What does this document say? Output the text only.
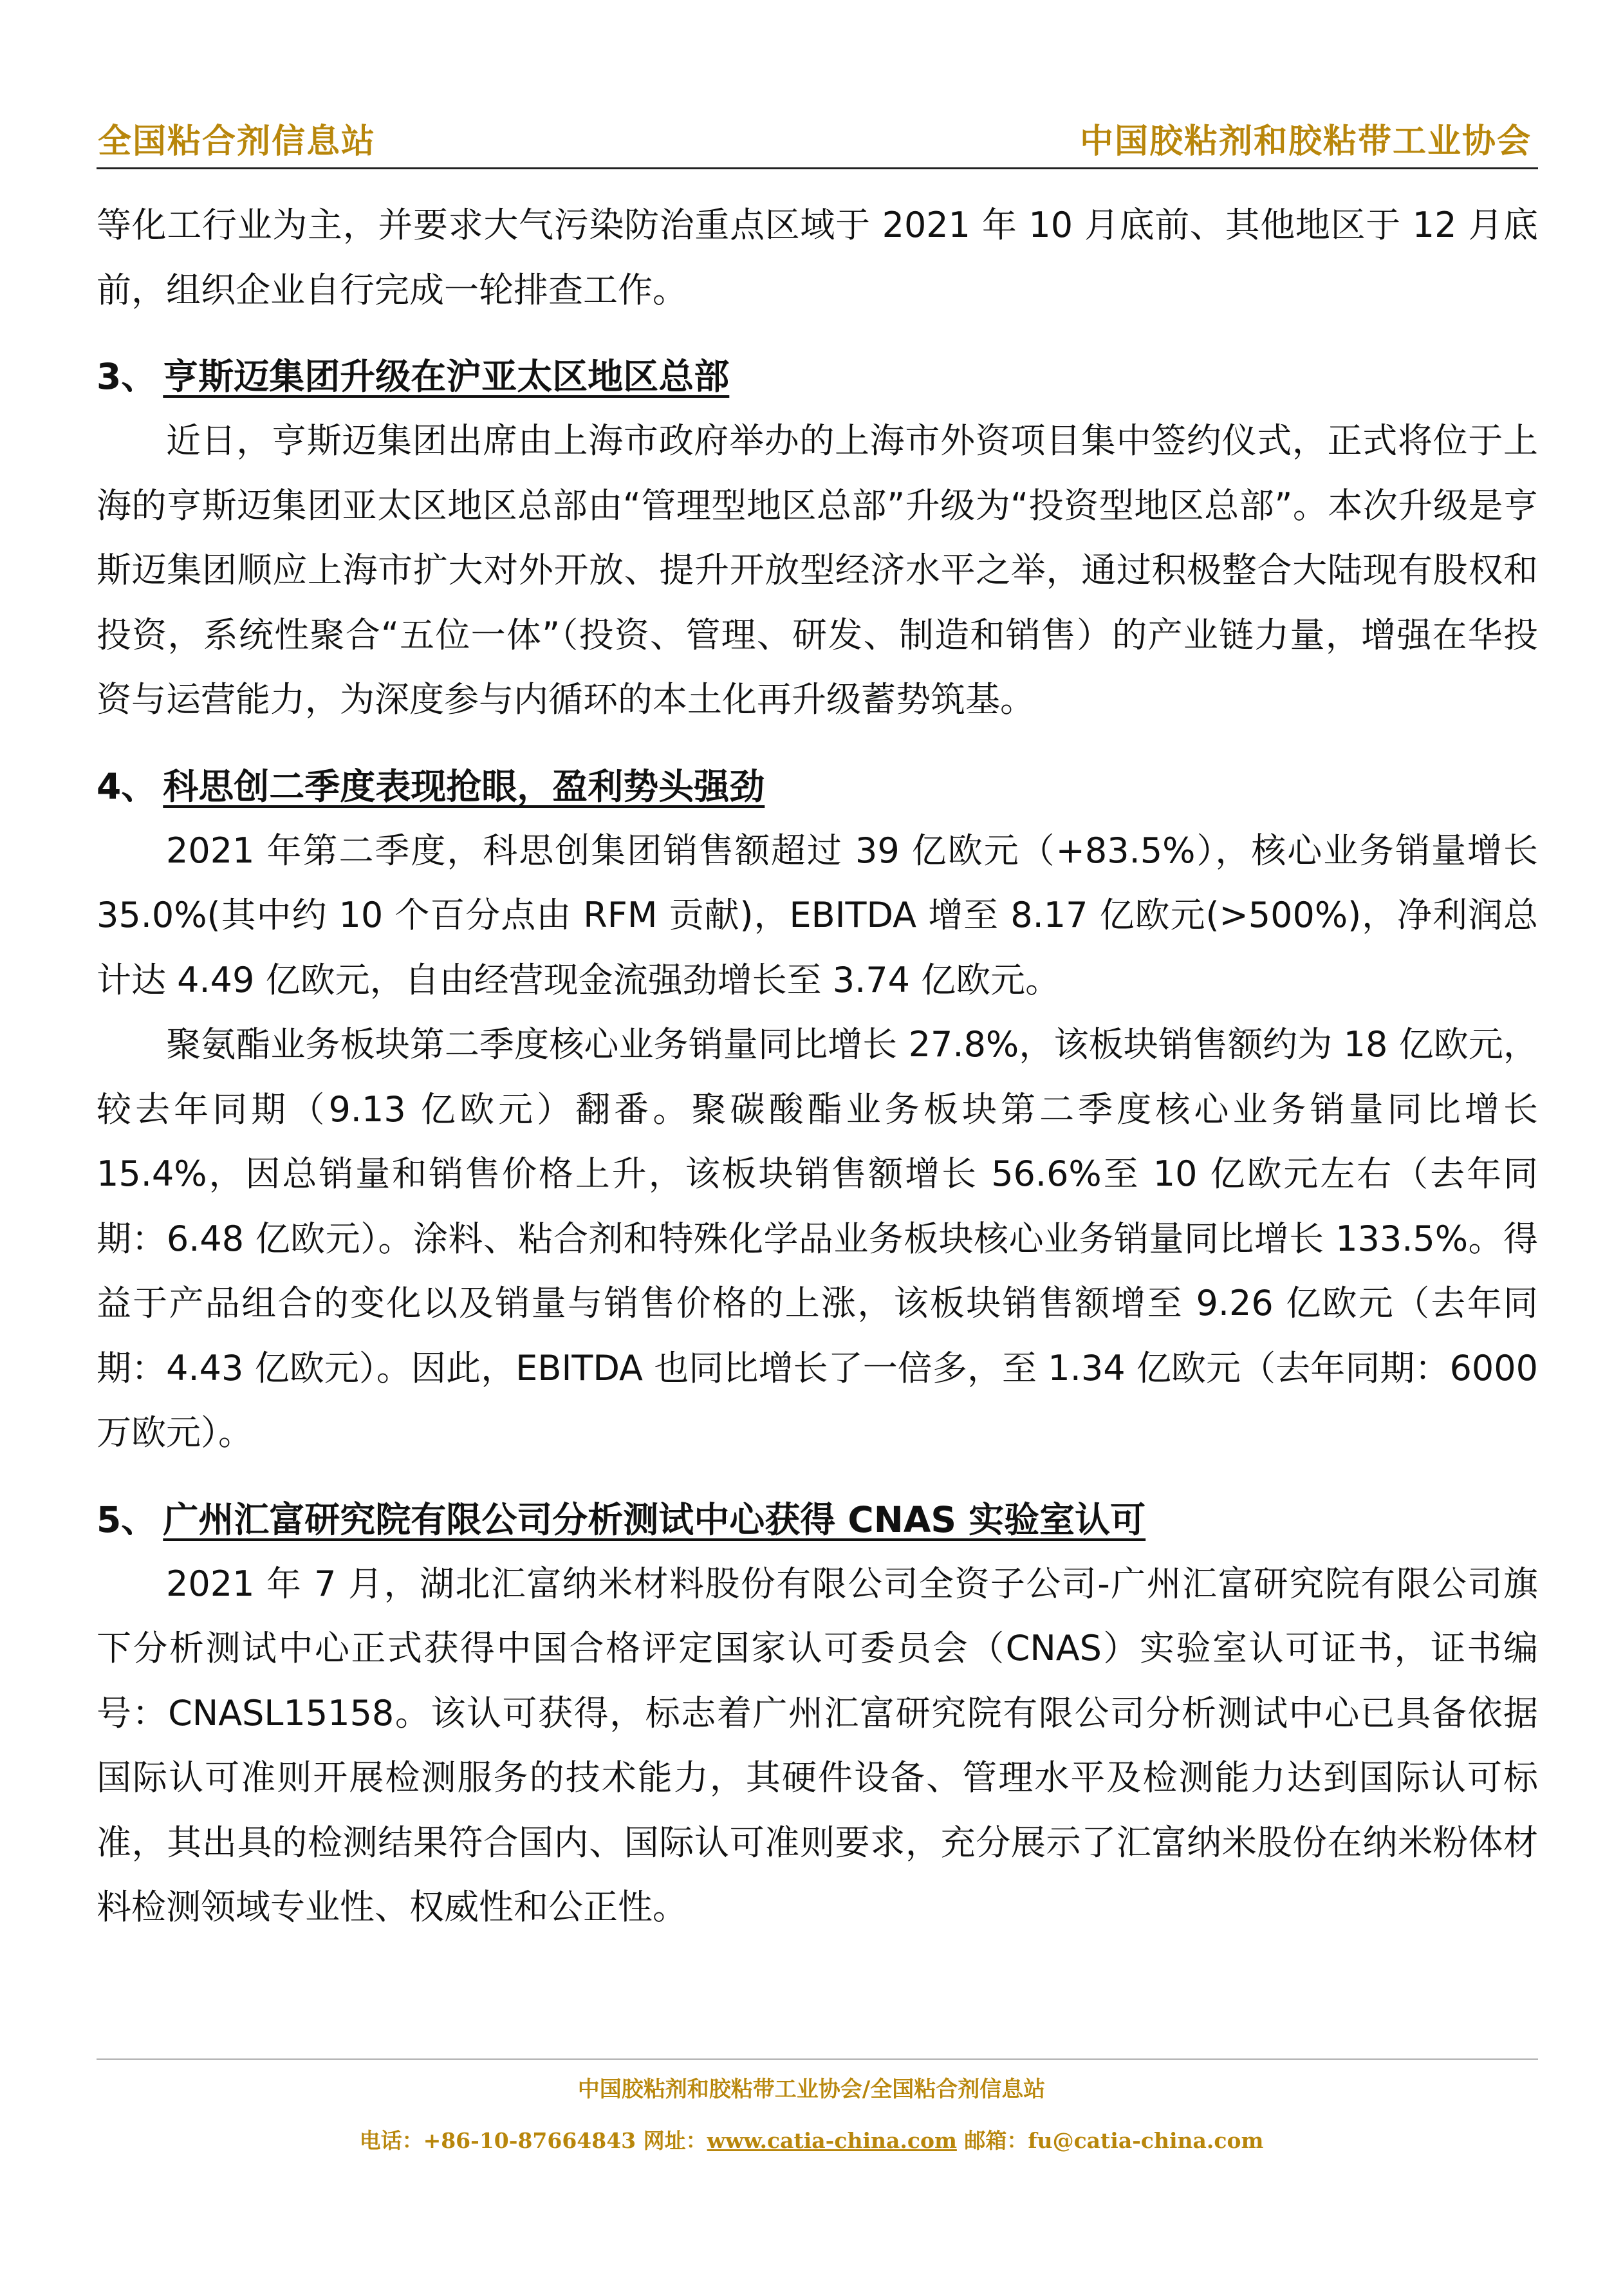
全国粘合剂信息站	中国胶粘剂和胶粘带工业协会

等化工行业为主，并要求大气污染防治重点区域于 2021 年 10 月底前、其他地区于 12 月底前，组织企业自行完成一轮排查工作。

3、 亨斯迈集团升级在沪亚太区地区总部

近日，亨斯迈集团出席由上海市政府举办的上海市外资项目集中签约仪式，正式将位于上海的亨斯迈集团亚太区地区总部由“管理型地区总部”升级为“投资型地区总部”。本次升级是亨斯迈集团顺应上海市扩大对外开放、提升开放型经济水平之举，通过积极整合大陆现有股权和投资，系统性聚合“五位一体”（投资、管理、研发、制造和销售）的产业链力量，增强在华投资与运营能力，为深度参与内循环的本土化再升级蓄势筑基。

4、 科思创二季度表现抢眼，盈利势头强劲

2021 年第二季度，科思创集团销售额超过 39 亿欧元（+83.5%），核心业务销量增长 35.0%(其中约 10 个百分点由 RFM 贡献)，EBITDA 增至 8.17 亿欧元(>500%)，净利润总计达 4.49 亿欧元，自由经营现金流强劲增长至 3.74 亿欧元。

聚氨酯业务板块第二季度核心业务销量同比增长 27.8%，该板块销售额约为 18 亿欧元，较去年同期（9.13 亿欧元）翻番。聚碳酸酯业务板块第二季度核心业务销量同比增长 15.4%，因总销量和销售价格上升，该板块销售额增长 56.6%至 10 亿欧元左右（去年同期：6.48 亿欧元）。涂料、粘合剂和特殊化学品业务板块核心业务销量同比增长 133.5%。得益于产品组合的变化以及销量与销售价格的上涨，该板块销售额增至 9.26 亿欧元（去年同期：4.43 亿欧元）。因此，EBITDA 也同比增长了一倍多，至 1.34 亿欧元（去年同期：6000 万欧元）。

5、 广州汇富研究院有限公司分析测试中心获得 CNAS 实验室认可

2021 年 7 月，湖北汇富纳米材料股份有限公司全资子公司-广州汇富研究院有限公司旗下分析测试中心正式获得中国合格评定国家认可委员会（CNAS）实验室认可证书，证书编号：CNASL15158。该认可获得，标志着广州汇富研究院有限公司分析测试中心已具备依据国际认可准则开展检测服务的技术能力，其硬件设备、管理水平及检测能力达到国际认可标准，其出具的检测结果符合国内、国际认可准则要求，充分展示了汇富纳米股份在纳米粉体材料检测领域专业性、权威性和公正性。

中国胶粘剂和胶粘带工业协会/全国粘合剂信息站
电话：+86-10-87664843 网址：www.catia-china.com 邮箱：fu@catia-china.com
